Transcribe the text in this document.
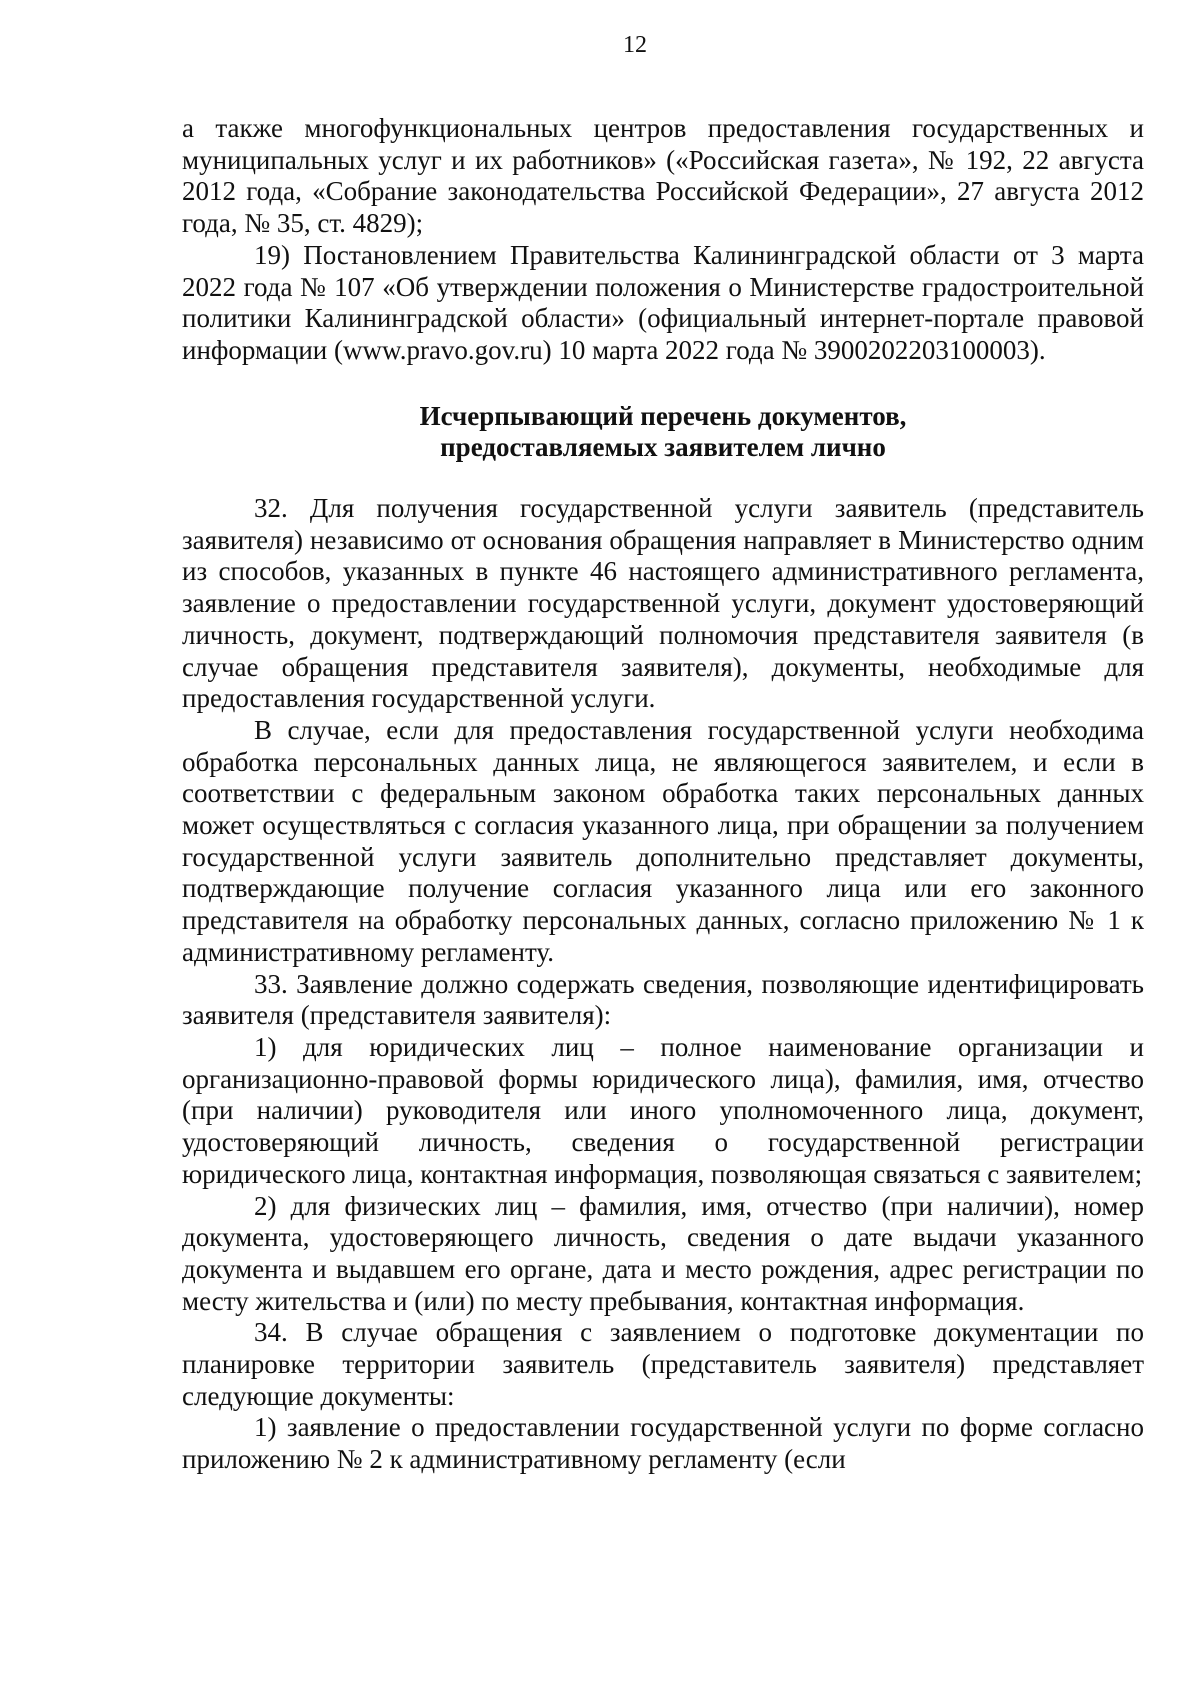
12

а также многофункциональных центров предоставления государственных и муниципальных услуг и их работников» («Российская газета», № 192, 22 августа 2012 года, «Собрание законодательства Российской Федерации», 27 августа 2012 года, № 35, ст. 4829);

19) Постановлением Правительства Калининградской области от 3 марта 2022 года № 107 «Об утверждении положения о Министерстве градостроительной политики Калининградской области» (официальный интернет-портале правовой информации (www.pravo.gov.ru) 10 марта 2022 года № 3900202203100003).

Исчерпывающий перечень документов,
предоставляемых заявителем лично

32. Для получения государственной услуги заявитель (представитель заявителя) независимо от основания обращения направляет в Министерство одним из способов, указанных в пункте 46 настоящего административного регламента, заявление о предоставлении государственной услуги, документ удостоверяющий личность, документ, подтверждающий полномочия представителя заявителя (в случае обращения представителя заявителя), документы, необходимые для предоставления государственной услуги.

В случае, если для предоставления государственной услуги необходима обработка персональных данных лица, не являющегося заявителем, и если в соответствии с федеральным законом обработка таких персональных данных может осуществляться с согласия указанного лица, при обращении за получением государственной услуги заявитель дополнительно представляет документы, подтверждающие получение согласия указанного лица или его законного представителя на обработку персональных данных, согласно приложению № 1 к административному регламенту.

33. Заявление должно содержать сведения, позволяющие идентифицировать заявителя (представителя заявителя):

1) для юридических лиц – полное наименование организации и организационно-правовой формы юридического лица), фамилия, имя, отчество (при наличии) руководителя или иного уполномоченного лица, документ, удостоверяющий личность, сведения о государственной регистрации юридического лица, контактная информация, позволяющая связаться с заявителем;

2) для физических лиц – фамилия, имя, отчество (при наличии), номер документа, удостоверяющего личность, сведения о дате выдачи указанного документа и выдавшем его органе, дата и место рождения, адрес регистрации по месту жительства и (или) по месту пребывания, контактная информация.

34. В случае обращения с заявлением о подготовке документации по планировке территории заявитель (представитель заявителя) представляет следующие документы:

1) заявление о предоставлении государственной услуги по форме согласно приложению № 2 к административному регламенту (если
